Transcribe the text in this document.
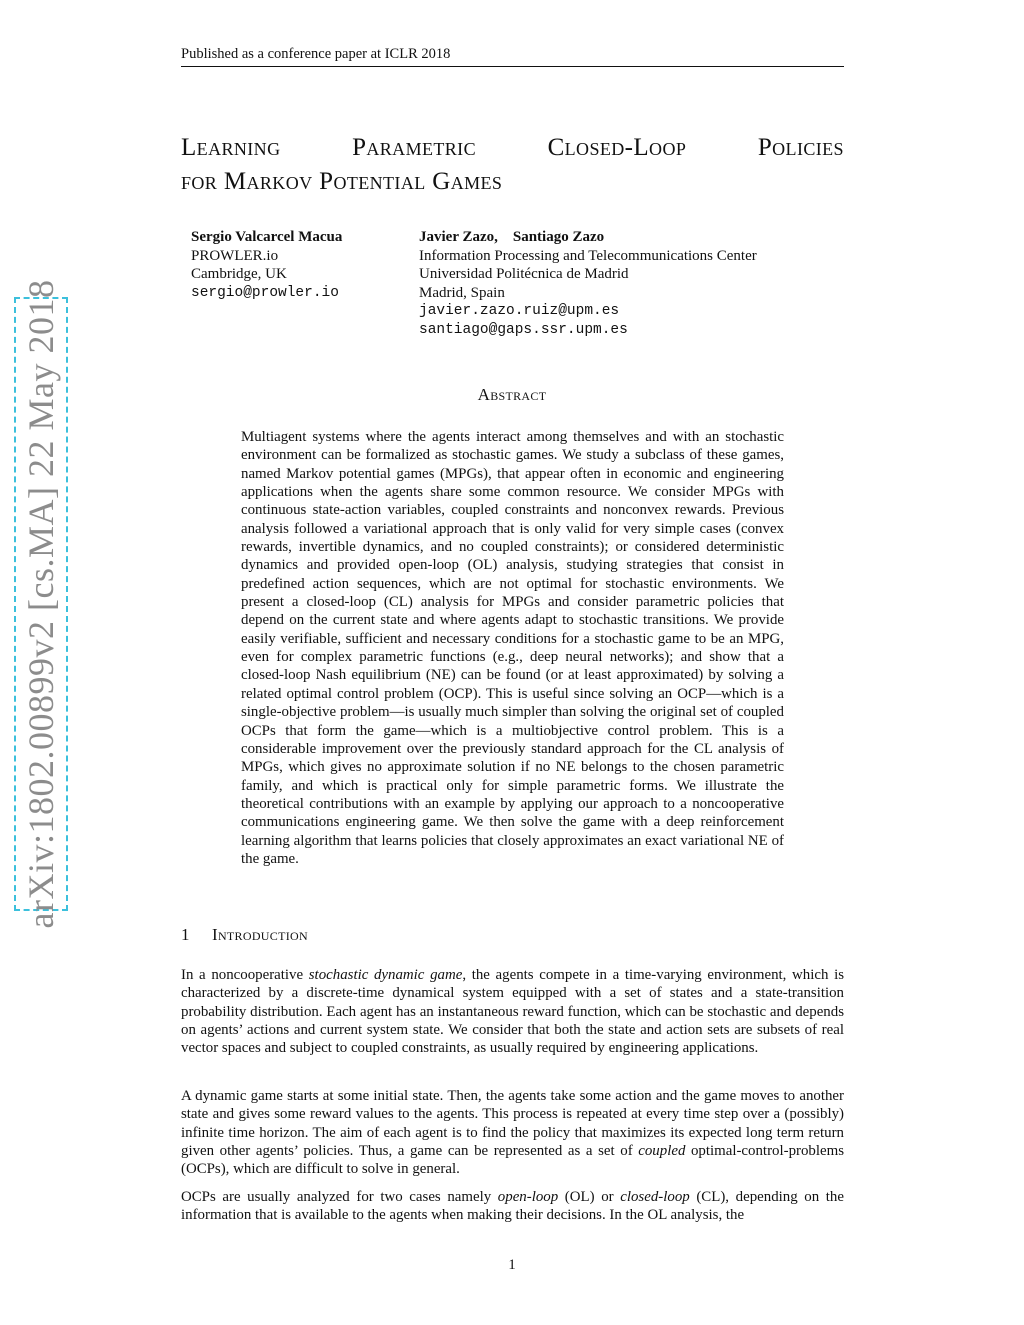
Published as a conference paper at ICLR 2018
Learning	Parametric	Closed-Loop	Policies
for Markov Potential Games
Sergio Valcarcel Macua
PROWLER.io
Cambridge, UK
sergio@prowler.io
Javier Zazo, Santiago Zazo
Information Processing and Telecommunications Center
Universidad Politécnica de Madrid
Madrid, Spain
javier.zazo.ruiz@upm.es
santiago@gaps.ssr.upm.es
Abstract
Multiagent systems where the agents interact among themselves and with an stochastic environment can be formalized as stochastic games. We study a subclass of these games, named Markov potential games (MPGs), that appear often in economic and engineering applications when the agents share some common resource. We consider MPGs with continuous state-action variables, coupled constraints and nonconvex rewards. Previous analysis followed a variational approach that is only valid for very simple cases (convex rewards, invertible dynamics, and no coupled constraints); or considered deterministic dynamics and provided open-loop (OL) analysis, studying strategies that consist in predefined action sequences, which are not optimal for stochastic environments. We present a closed-loop (CL) analysis for MPGs and consider parametric policies that depend on the current state and where agents adapt to stochastic transitions. We provide easily verifiable, sufficient and necessary conditions for a stochastic game to be an MPG, even for complex parametric functions (e.g., deep neural networks); and show that a closed-loop Nash equilibrium (NE) can be found (or at least approximated) by solving a related optimal control problem (OCP). This is useful since solving an OCP—which is a single-objective problem—is usually much simpler than solving the original set of coupled OCPs that form the game—which is a multiobjective control problem. This is a considerable improvement over the previously standard approach for the CL analysis of MPGs, which gives no approximate solution if no NE belongs to the chosen parametric family, and which is practical only for simple parametric forms. We illustrate the theoretical contributions with an example by applying our approach to a noncooperative communications engineering game. We then solve the game with a deep reinforcement learning algorithm that learns policies that closely approximates an exact variational NE of the game.
1 Introduction

In a noncooperative stochastic dynamic game, the agents compete in a time-varying environment, which is characterized by a discrete-time dynamical system equipped with a set of states and a state-transition probability distribution. Each agent has an instantaneous reward function, which can be stochastic and depends on agents’ actions and current system state. We consider that both the state and action sets are subsets of real vector spaces and subject to coupled constraints, as usually required by engineering applications.

A dynamic game starts at some initial state. Then, the agents take some action and the game moves to another state and gives some reward values to the agents. This process is repeated at every time step over a (possibly) infinite time horizon. The aim of each agent is to find the policy that maximizes its expected long term return given other agents’ policies. Thus, a game can be represented as a set of coupled optimal-control-problems (OCPs), which are difficult to solve in general.

OCPs are usually analyzed for two cases namely open-loop (OL) or closed-loop (CL), depending on the information that is available to the agents when making their decisions. In the OL analysis, the

1
arXiv:1802.00899v2 [cs.MA] 22 May 2018
